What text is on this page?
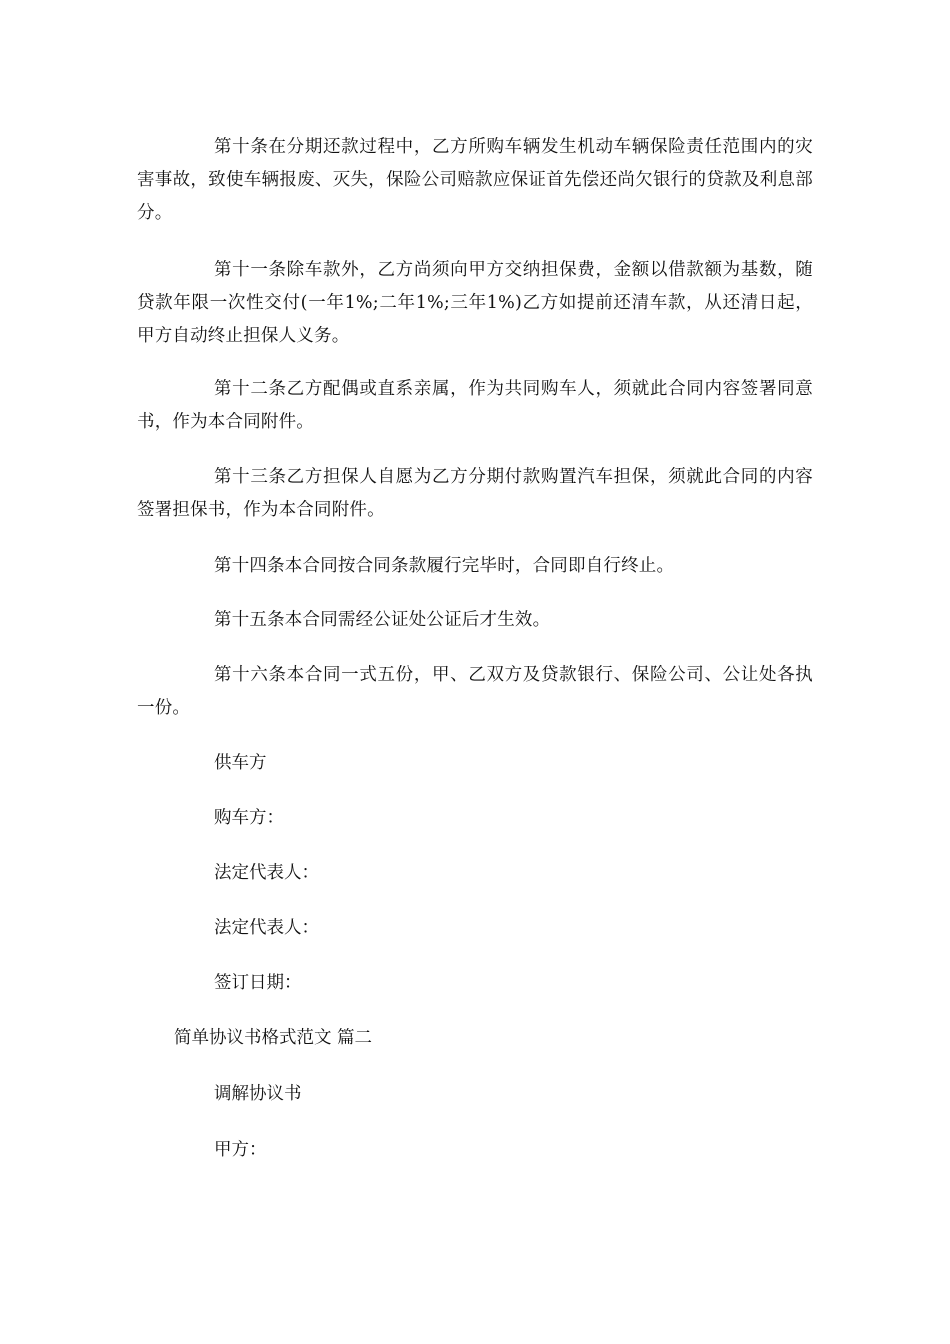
第十条在分期还款过程中，乙方所购车辆发生机动车辆保险责任范围内的灾害事故，致使车辆报废、灭失，保险公司赔款应保证首先偿还尚欠银行的贷款及利息部分。

第十一条除车款外，乙方尚须向甲方交纳担保费，金额以借款额为基数，随贷款年限一次性交付(一年1%;二年1%;三年1%)乙方如提前还清车款，从还清日起，甲方自动终止担保人义务。

第十二条乙方配偶或直系亲属，作为共同购车人，须就此合同内容签署同意书，作为本合同附件。

第十三条乙方担保人自愿为乙方分期付款购置汽车担保，须就此合同的内容签署担保书，作为本合同附件。

第十四条本合同按合同条款履行完毕时，合同即自行终止。

第十五条本合同需经公证处公证后才生效。

第十六条本合同一式五份，甲、乙双方及贷款银行、保险公司、公让处各执一份。

供车方

购车方：

法定代表人：

法定代表人：

签订日期：

简单协议书格式范文 篇二

调解协议书

甲方：
